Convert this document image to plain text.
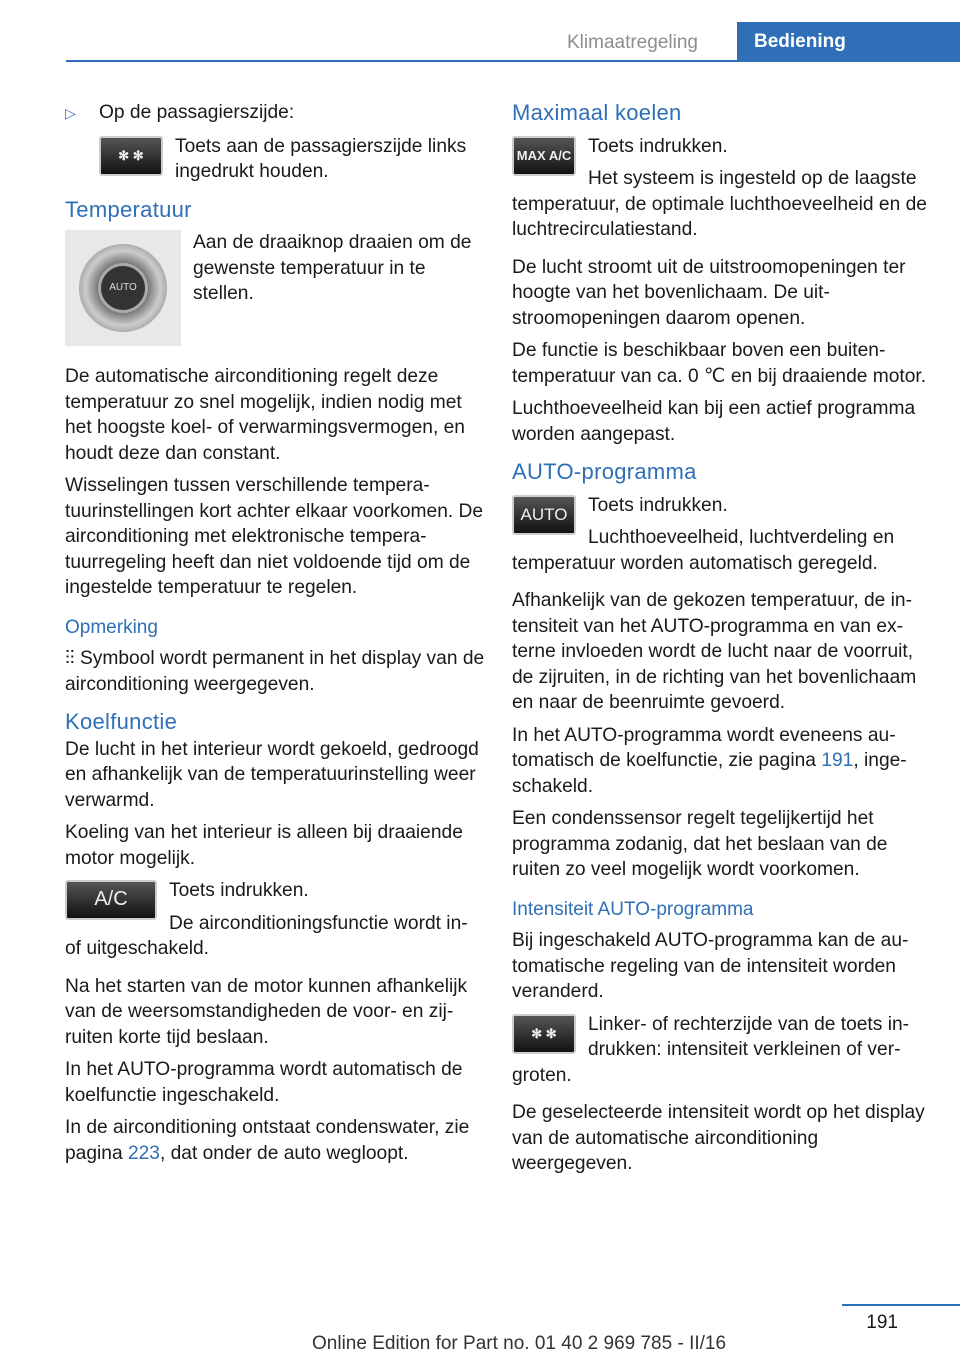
Klimaatregeling	Bediening

▷ Op de passagierszijde:

✻ ✻	Toets aan de passagierszijde links ingedrukt houden.
Temperatuur
AUTO
Aan de draaiknop draaien om de gewenste temperatuur in te stellen.

De automatische airconditioning regelt deze temperatuur zo snel mogelijk, indien nodig met het hoogste koel- of verwarmingsvermogen, en houdt deze dan constant.

Wisselingen tussen verschillende temperatuurinstellingen kort achter elkaar voorkomen. De airconditioning met elektronische temperatuurregeling heeft dan niet voldoende tijd om de ingestelde temperatuur te regelen.

Opmerking

⫶⫶ Symbool wordt permanent in het display van de airconditioning weergegeven.

Koelfunctie

De lucht in het interieur wordt gekoeld, gedroogd en afhankelijk van de temperatuurinstelling weer verwarmd.

Koeling van het interieur is alleen bij draaiende motor mogelijk.

A/C	Toets indrukken.

De airconditioningsfunctie wordt in- of uitgeschakeld.

Na het starten van de motor kunnen afhankelijk van de weersomstandigheden de voor- en zijruiten korte tijd beslaan.

In het AUTO-programma wordt automatisch de koelfunctie ingeschakeld.

In de airconditioning ontstaat condenswater, zie pagina 223, dat onder de auto wegloopt.

Maximaal koelen
MAX A/C Toets indrukken.

Het systeem is ingesteld op de laagste temperatuur, de optimale luchthoeveelheid en de luchtrecirculatiestand.

De lucht stroomt uit de uitstroomopeningen ter hoogte van het bovenlichaam. De uitstroomopeningen daarom openen.

De functie is beschikbaar boven een buitentemperatuur van ca. 0 ℃ en bij draaiende motor.

Luchthoeveelheid kan bij een actief programma worden aangepast.

AUTO-programma
AUTO	Toets indrukken.

Luchthoeveelheid, luchtverdeling en temperatuur worden automatisch geregeld.

Afhankelijk van de gekozen temperatuur, de intensiteit van het AUTO-programma en van externe invloeden wordt de lucht naar de voorruit, de zijruiten, in de richting van het bovenlichaam en naar de beenruimte gevoerd.

In het AUTO-programma wordt eveneens automatisch de koelfunctie, zie pagina 191, ingeschakeld.

Een condenssensor regelt tegelijkertijd het programma zodanig, dat het beslaan van de ruiten zo veel mogelijk wordt voorkomen.

Intensiteit AUTO-programma

Bij ingeschakeld AUTO-programma kan de automatische regeling van de intensiteit worden veranderd.

✻ ✻	Linker- of rechterzijde van de toets indrukken: intensiteit verkleinen of vergroten.

De geselecteerde intensiteit wordt op het display van de automatische airconditioning weergegeven.

191
Online Edition for Part no. 01 40 2 969 785 - II/16
